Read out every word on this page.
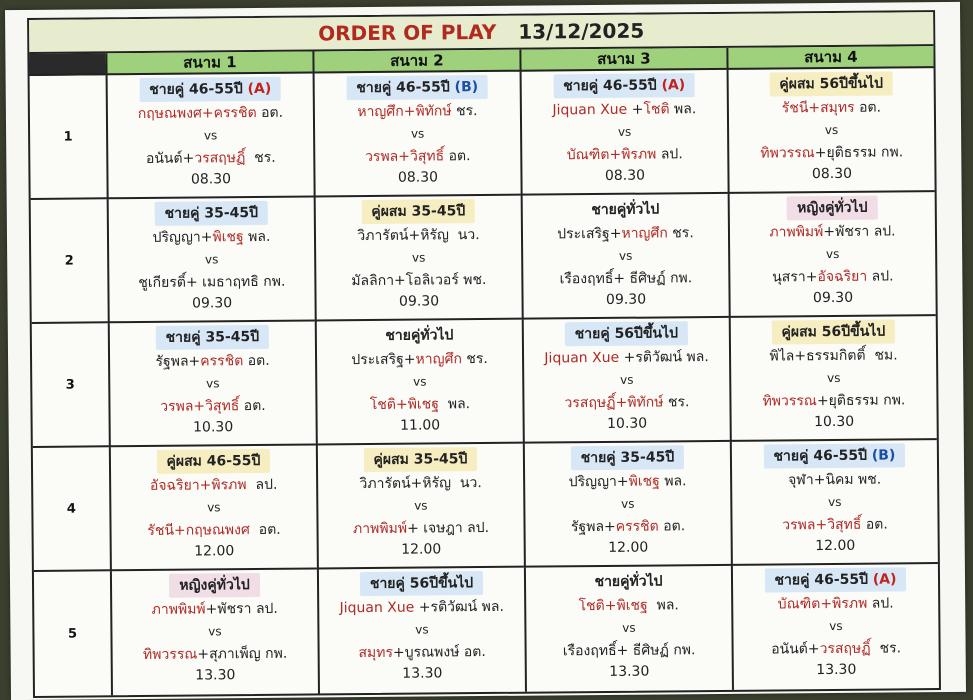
ORDER OF PLAY 13/12/2025
สนาม 1	สนาม 2	สนาม 3	สนาม 4
1
ชายคู่ 46-55ปี (A)
กฤษณพงศ+ครรชิต อต.
vs
อนันต์+วรสฤษฏิ์  ชร.
08.30
ชายคู่ 46-55ปี (B)
หาญศึก+พิทักษ์ ชร.
vs
วรพล+วิสุทธิ์ อต.
08.30
ชายคู่ 46-55ปี (A)
Jiquan Xue +โชติ พล.
vs
บัณฑิต+พิรภพ ลป.
08.30
คู่ผสม 56ปีขึ้นไป
รัชนี+สมุทร อต.
vs
ทิพวรรณ+ยุติธรรม กพ.
08.30
2
ชายคู่ 35-45ปี
ปริญญา+พิเชฐ พล.
vs
ชูเกียรติ์+ เมธาฤทธิ กพ.
09.30
คู่ผสม 35-45ปี
วิภารัตน์+หิรัญ  นว.
vs
มัลลิกา+โอลิเวอร์ พช.
09.30
ชายคู่ทั่วไป
ประเสริฐ+หาญศึก ชร.
vs
เรืองฤทธิ์+ ธีศิษฏ์ กพ.
09.30
หญิงคู่ทั่วไป
ภาพพิมพ์+พัชรา ลป.
vs
นุสรา+อัจฉริยา ลป.
09.30
3
ชายคู่ 35-45ปี
รัฐพล+ครรชิต อต.
vs
วรพล+วิสุทธิ์ อต.
10.30
ชายคู่ทั่วไป
ประเสริฐ+หาญศึก ชร.
vs
โชติ+พิเชฐ  พล.
11.00
ชายคู่ 56ปีขึ้นไป
Jiquan Xue +รติวัฒน์ พล.
vs
วรสฤษฏิ์+พิทักษ์ ชร.
10.30
คู่ผสม 56ปีขึ้นไป
พิไล+ธรรมกิตติ์  ชม.
vs
ทิพวรรณ+ยุติธรรม กพ.
10.30
4
คู่ผสม 46-55ปี
อัจฉริยา+พิรภพ  ลป.
vs
รัชนี+กฤษณพงศ  อต.
12.00
คู่ผสม 35-45ปี
วิภารัตน์+หิรัญ  นว.
vs
ภาพพิมพ์+ เจษฎา ลป.
12.00
ชายคู่ 35-45ปี
ปริญญา+พิเชฐ พล.
vs
รัฐพล+ครรชิต อต.
12.00
ชายคู่ 46-55ปี (B)
จุฬา+นิคม พช.
vs
วรพล+วิสุทธิ์ อต.
12.00
5
หญิงคู่ทั่วไป
ภาพพิมพ์+พัชรา ลป.
vs
ทิพวรรณ+สุภาเพ็ญ กพ.
13.30
ชายคู่ 56ปีขึ้นไป
Jiquan Xue +รติวัฒน์ พล.
vs
สมุทร+บูรณพงษ์ อต.
13.30
ชายคู่ทั่วไป
โชติ+พิเชฐ  พล.
vs
เรืองฤทธิ์+ ธีศิษฏ์ กพ.
13.30
ชายคู่ 46-55ปี (A)
บัณฑิต+พิรภพ ลป.
vs
อนันต์+วรสฤษฏิ์  ชร.
13.30
